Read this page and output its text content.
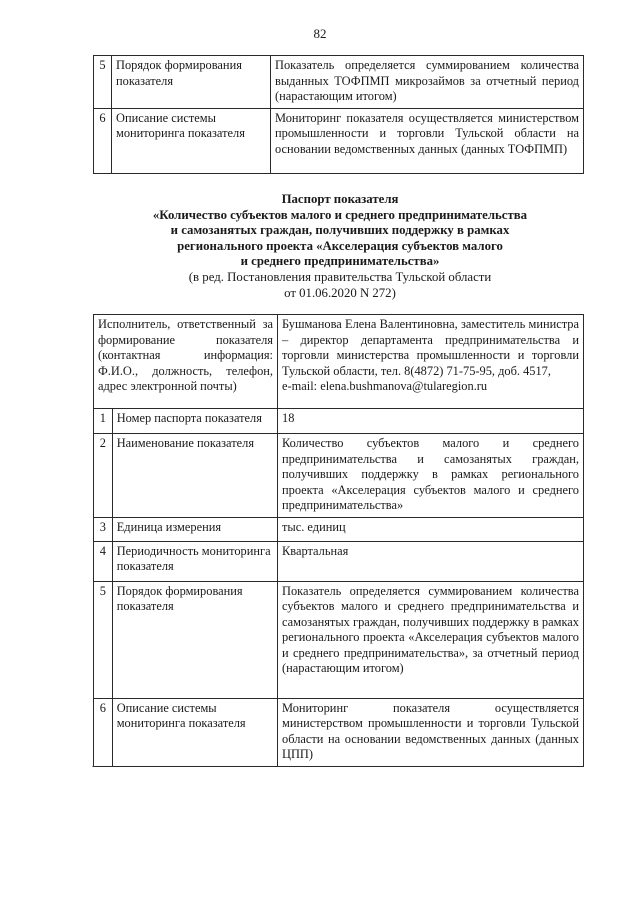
82
5	Порядок формирования показателя	Показатель определяется суммированием количества выданных ТОФПМП микрозаймов за отчетный период (нарастающим итогом)
6	Описание системы мониторинга показателя	Мониторинг показателя осуществляется министерством промышленности и торговли Тульской области на основании ведомственных данных (данных ТОФПМП)
Паспорт показателя
«Количество субъектов малого и среднего предпринимательства
и самозанятых граждан, получивших поддержку в рамках
регионального проекта «Акселерация субъектов малого
и среднего предпринимательства»
(в ред. Постановления правительства Тульской области
от 01.06.2020 N 272)
Исполнитель, ответственный за формирование показателя (контактная информация: Ф.И.О., должность, телефон, адрес электронной почты)		Бушманова Елена Валентиновна, заместитель министра – директор департамента предпринимательства и торговли министерства промышленности и торговли Тульской области, тел. 8(4872) 71-75-95, доб. 4517,
e-mail: elena.bushmanova@tularegion.ru
1	Номер паспорта показателя	18
2	Наименование показателя	Количество субъектов малого и среднего предпринимательства и самозанятых граждан, получивших поддержку в рамках регионального проекта «Акселерация субъектов малого и среднего предпринимательства»
3	Единица измерения	тыс. единиц
4	Периодичность мониторинга показателя	Квартальная
5	Порядок формирования показателя	Показатель определяется суммированием количества субъектов малого и среднего предпринимательства и самозанятых граждан, получивших поддержку в рамках регионального проекта «Акселерация субъектов малого и среднего предпринимательства», за отчетный период (нарастающим итогом)
6	Описание системы мониторинга показателя	Мониторинг показателя осуществляется министерством промышленности и торговли Тульской области на основании ведомственных данных (данных ЦПП)
·
